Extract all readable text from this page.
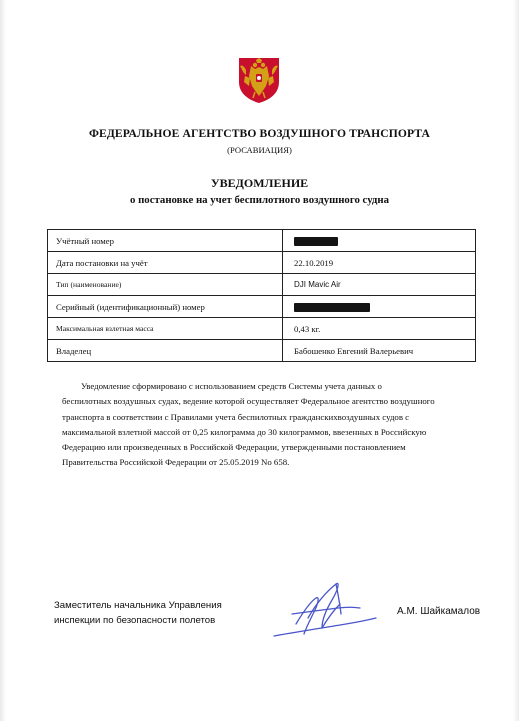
ФЕДЕРАЛЬНОЕ АГЕНТСТВО ВОЗДУШНОГО ТРАНСПОРТА
(РОСАВИАЦИЯ)
УВЕДОМЛЕНИЕ
о постановке на учет беспилотного воздушного судна
Учётный номер	
Дата постановки на учёт	22.10.2019
Тип (наименование)	DJI Mavic Air
Серийный (идентификационный) номер	
Максимальная взлетная масса	0,43 кг.
Владелец	Бабошенко Евгений Валерьевич

Уведомление сформировано с использованием средств Системы учета данных о
беспилотных воздушных судах, ведение которой осуществляет Федеральное агентство воздушного
транспорта в соответствии с Правилами учета беспилотных гражданскихвоздушных судов с
максимальной взлетной массой от 0,25 килограмма до 30 килограммов, ввезенных в Российскую
Федерацию или произведенных в Российской Федерации, утвержденными постановлением
Правительства Российской Федерации от 25.05.2019 No 658.

Заместитель начальника Управления
инспекции по безопасности полетов
А.М. Шайкамалов
